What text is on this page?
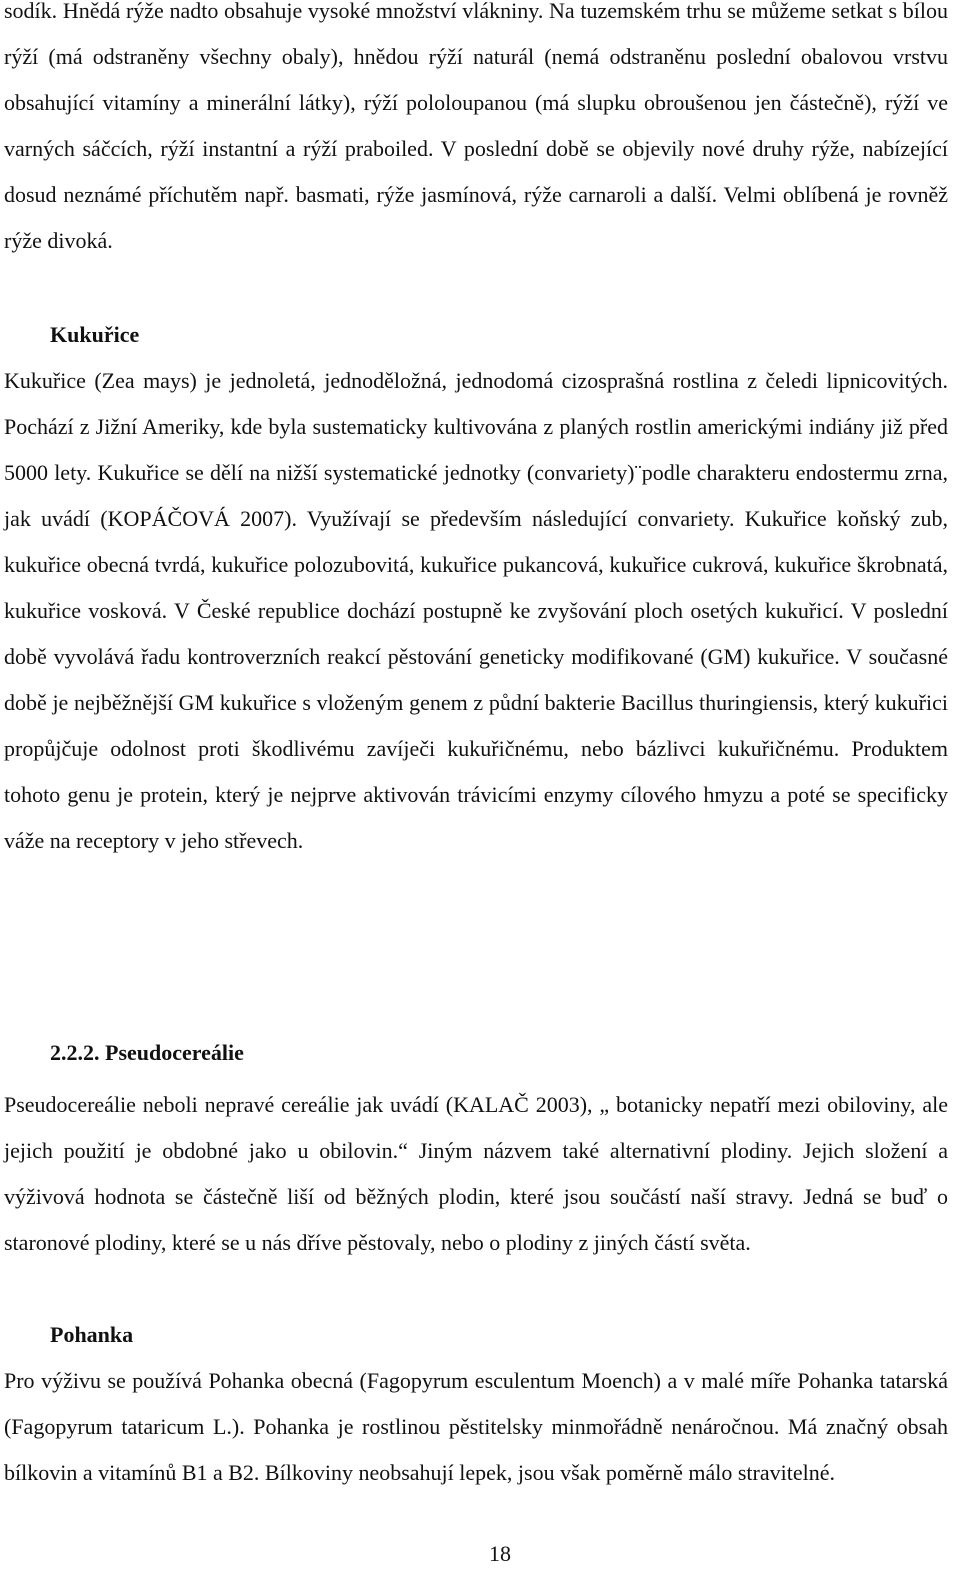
sodík. Hnědá rýže nadto obsahuje vysoké množství vlákniny. Na tuzemském trhu se můžeme setkat s bílou rýží (má odstraněny všechny obaly), hnědou rýží naturál (nemá odstraněnu poslední obalovou vrstvu obsahující vitamíny a minerální látky), rýží pololoupanou (má slupku obroušenou jen částečně), rýží ve varných sáčcích, rýží instantní a rýží praboiled. V poslední době se objevily nové druhy rýže, nabízející dosud neznámé příchutěm např. basmati, rýže jasmínová, rýže carnaroli a další. Velmi oblíbená je rovněž rýže divoká.

Kukuřice

Kukuřice (Zea mays) je jednoletá, jednoděložná, jednodomá cizosprašná rostlina z čeledi lipnicovitých. Pochází z Jižní Ameriky, kde byla sustematicky kultivována z planých rostlin americkými indiány již před 5000 lety. Kukuřice se dělí na nižší systematické jednotky (convariety)¨podle charakteru endostermu zrna, jak uvádí (KOPÁČOVÁ 2007). Využívají se především následující convariety. Kukuřice koňský zub, kukuřice obecná tvrdá, kukuřice polozubovitá, kukuřice pukancová, kukuřice cukrová, kukuřice škrobnatá, kukuřice vosková. V České republice dochází postupně ke zvyšování ploch osetých kukuřicí. V poslední době vyvolává řadu kontroverzních reakcí pěstování geneticky modifikované (GM) kukuřice. V současné době je nejběžnější GM kukuřice s vloženým genem z půdní bakterie Bacillus thuringiensis, který kukuřici propůjčuje odolnost proti škodlivému zavíječi kukuřičnému, nebo bázlivci kukuřičnému. Produktem tohoto genu je protein, který je nejprve aktivován trávicími enzymy cílového hmyzu a poté se specificky váže na receptory v jeho střevech.

2.2.2. Pseudocereálie

Pseudocereálie neboli nepravé cereálie jak uvádí (KALAČ 2003), „ botanicky nepatří mezi obiloviny, ale jejich použití je obdobné jako u obilovin.“ Jiným názvem také alternativní plodiny. Jejich složení a výživová hodnota se částečně liší od běžných plodin, které jsou součástí naší stravy. Jedná se buď o staronové plodiny, které se u nás dříve pěstovaly, nebo o plodiny z jiných částí světa.

Pohanka

Pro výživu se používá Pohanka obecná (Fagopyrum esculentum Moench) a v malé míře Pohanka tatarská (Fagopyrum tataricum L.). Pohanka je rostlinou pěstitelsky minmořádně nenáročnou. Má značný obsah bílkovin a vitamínů B1 a B2. Bílkoviny neobsahují lepek, jsou však poměrně málo stravitelné.

18
